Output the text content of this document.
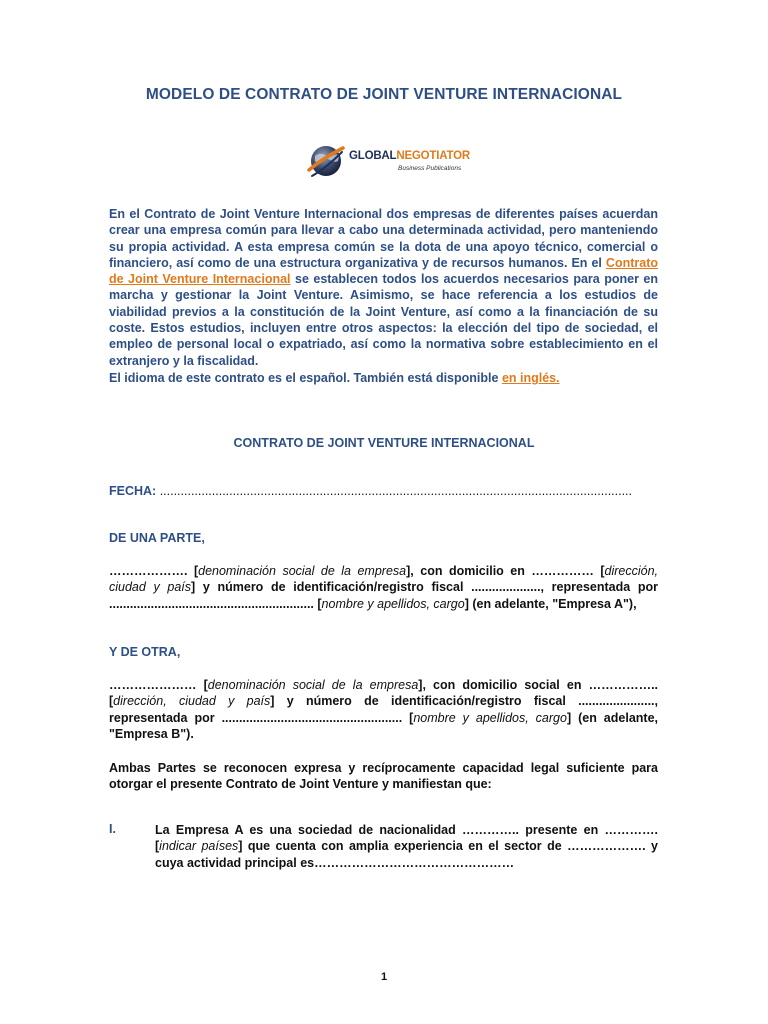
MODELO DE CONTRATO DE JOINT VENTURE INTERNACIONAL
GLOBALNEGOTIATOR
Business Publications
En el Contrato de Joint Venture Internacional dos empresas de diferentes países acuerdan crear una empresa común para llevar a cabo una determinada actividad, pero manteniendo su propia actividad. A esta empresa común se la dota de una apoyo técnico, comercial o financiero, así como de una estructura organizativa y de recursos humanos. En el Contrato de Joint Venture Internacional se establecen todos los acuerdos necesarios para poner en marcha y gestionar la Joint Venture. Asimismo, se hace referencia a los estudios de viabilidad previos a la constitución de la Joint Venture, así como a la financiación de su coste. Estos estudios, incluyen entre otros aspectos: la elección del tipo de sociedad, el empleo de personal local o expatriado, así como la normativa sobre establecimiento en el extranjero y la fiscalidad.
El idioma de este contrato es el español. También está disponible en inglés.
CONTRATO DE JOINT VENTURE INTERNACIONAL
FECHA: ........................................................................................................................................
DE UNA PARTE,
………………. [denominación social de la empresa], con domicilio en …………… [dirección, ciudad y país] y número de identificación/registro fiscal ...................., representada por ........................................................... [nombre y apellidos, cargo] (en adelante, "Empresa A"),
Y DE OTRA,
………………… [denominación social de la empresa], con domicilio social en …………….. [dirección, ciudad y país] y número de identificación/registro fiscal ......................, representada por .................................................... [nombre y apellidos, cargo] (en adelante, "Empresa B").
Ambas Partes se reconocen expresa y recíprocamente capacidad legal suficiente para otorgar el presente Contrato de Joint Venture y manifiestan que:
I.	La Empresa A es una sociedad de nacionalidad ………….. presente en …………. [indicar países] que cuenta con amplia experiencia en el sector de ………………. y cuya actividad principal es…………………………………………
1
